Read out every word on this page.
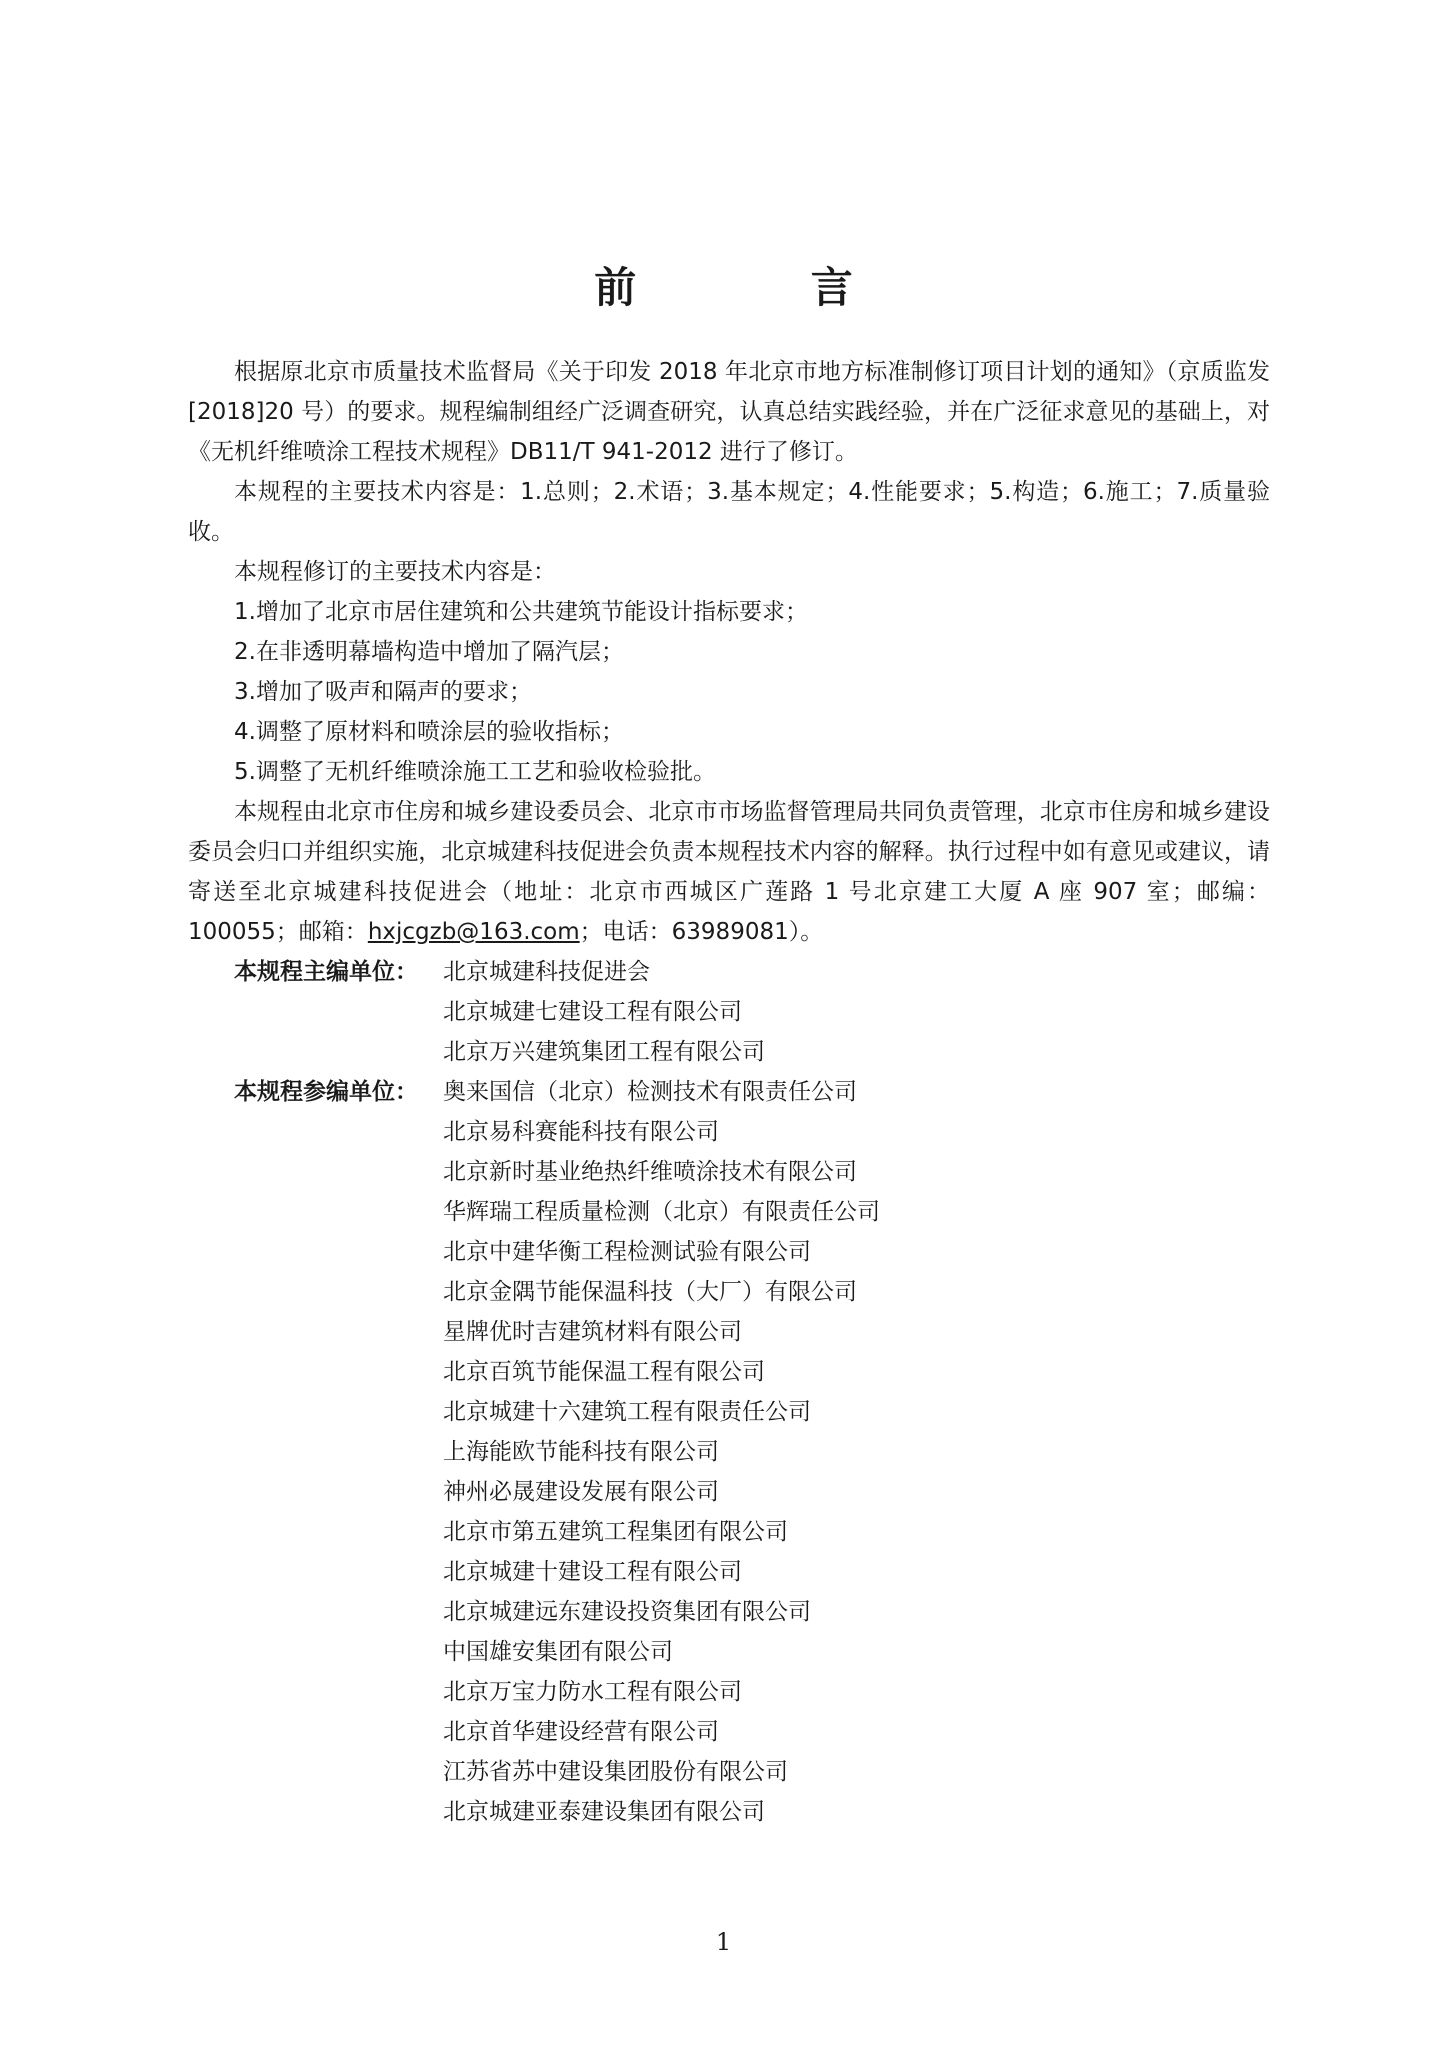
前 言

根据原北京市质量技术监督局《关于印发 2018 年北京市地方标准制修订项目计划的通知》（京质监发[2018]20 号）的要求。规程编制组经广泛调查研究，认真总结实践经验，并在广泛征求意见的基础上，对《无机纤维喷涂工程技术规程》DB11/T 941-2012 进行了修订。

本规程的主要技术内容是：1.总则；2.术语；3.基本规定；4.性能要求；5.构造；6.施工；7.质量验收。

本规程修订的主要技术内容是：

1.增加了北京市居住建筑和公共建筑节能设计指标要求；

2.在非透明幕墙构造中增加了隔汽层；

3.增加了吸声和隔声的要求；

4.调整了原材料和喷涂层的验收指标；

5.调整了无机纤维喷涂施工工艺和验收检验批。

本规程由北京市住房和城乡建设委员会、北京市市场监督管理局共同负责管理，北京市住房和城乡建设委员会归口并组织实施，北京城建科技促进会负责本规程技术内容的解释。执行过程中如有意见或建议，请寄送至北京城建科技促进会（地址：北京市西城区广莲路 1 号北京建工大厦 A 座 907 室；邮编：100055；邮箱：hxjcgzb@163.com；电话：63989081）。

本规程主编单位：	北京城建科技促进会
北京城建七建设工程有限公司
北京万兴建筑集团工程有限公司
本规程参编单位：	奥来国信（北京）检测技术有限责任公司
北京易科赛能科技有限公司
北京新时基业绝热纤维喷涂技术有限公司
华辉瑞工程质量检测（北京）有限责任公司
北京中建华衡工程检测试验有限公司
北京金隅节能保温科技（大厂）有限公司
星牌优时吉建筑材料有限公司
北京百筑节能保温工程有限公司
北京城建十六建筑工程有限责任公司
上海能欧节能科技有限公司
神州必晟建设发展有限公司
北京市第五建筑工程集团有限公司
北京城建十建设工程有限公司
北京城建远东建设投资集团有限公司
中国雄安集团有限公司
北京万宝力防水工程有限公司
北京首华建设经营有限公司
江苏省苏中建设集团股份有限公司
北京城建亚泰建设集团有限公司
1
